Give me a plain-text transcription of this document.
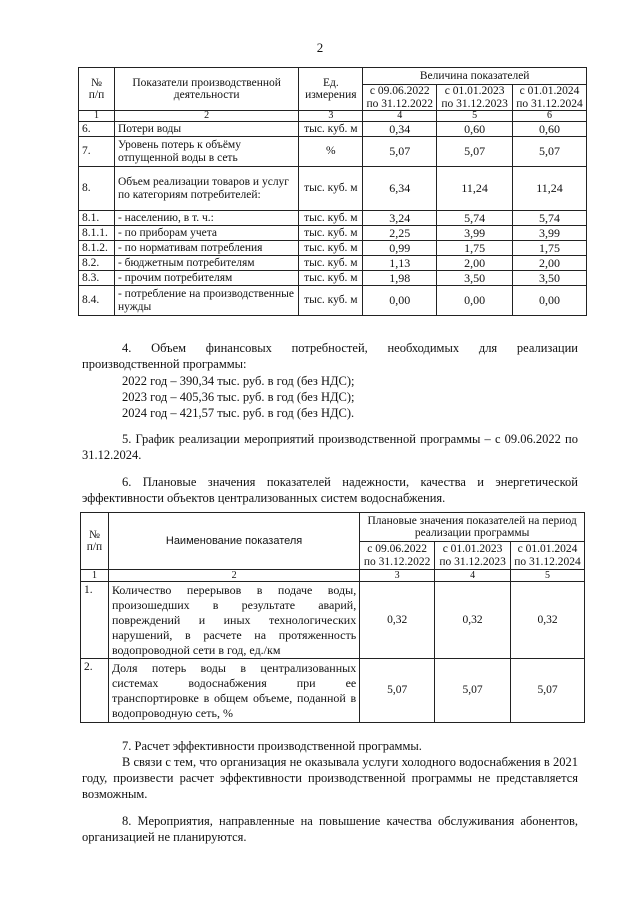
2
№
п/п	Показатели производственной деятельности	Ед. измерения	Величина показателей		
			с 09.06.2022 по 31.12.2022	с 01.01.2023 по 31.12.2023	с 01.01.2024 по 31.12.2024
1	2	3	4	5	6
6.	Потери воды	тыс. куб. м	0,34	0,60	0,60
7.	Уровень потерь к объёму отпущенной воды в сеть	%	5,07	5,07	5,07
8.	Объем реализации товаров и услуг по категориям потребителей:	тыс. куб. м	6,34	11,24	11,24
8.1.	- населению, в т. ч.:	тыс. куб. м	3,24	5,74	5,74
8.1.1.	- по приборам учета	тыс. куб. м	2,25	3,99	3,99
8.1.2.	- по нормативам потребления	тыс. куб. м	0,99	1,75	1,75
8.2.	- бюджетным потребителям	тыс. куб. м	1,13	2,00	2,00
8.3.	- прочим потребителям	тыс. куб. м	1,98	3,50	3,50
8.4.	- потребление на производственные нужды	тыс. куб. м	0,00	0,00	0,00

4. Объем финансовых потребностей, необходимых для реализации производственной программы:

2022 год – 390,34 тыс. руб. в год (без НДС);

2023 год – 405,36 тыс. руб. в год (без НДС);

2024 год – 421,57 тыс. руб. в год (без НДС).

5. График реализации мероприятий производственной программы – с 09.06.2022 по 31.12.2024.

6. Плановые значения показателей надежности, качества и энергетической эффективности объектов централизованных систем водоснабжения.

№
п/п	Наименование показателя	Плановые значения показателей на период реализации программы		
		с 09.06.2022 по 31.12.2022	с 01.01.2023 по 31.12.2023	с 01.01.2024 по 31.12.2024
1	2	3	4	5
1.	Количество перерывов в подаче воды, произошедших в результате аварий, повреждений и иных технологических нарушений, в расчете на протяженность водопроводной сети в год, ед./км	0,32	0,32	0,32
2.	Доля потерь воды в централизованных системах водоснабжения при ее транспортировке в общем объеме, поданной в водопроводную сеть, %	5,07	5,07	5,07

7. Расчет эффективности производственной программы.

В связи с тем, что организация не оказывала услуги холодного водоснабжения в 2021 году, произвести расчет эффективности производственной программы не представляется возможным.

8. Мероприятия, направленные на повышение качества обслуживания абонентов, организацией не планируются.
